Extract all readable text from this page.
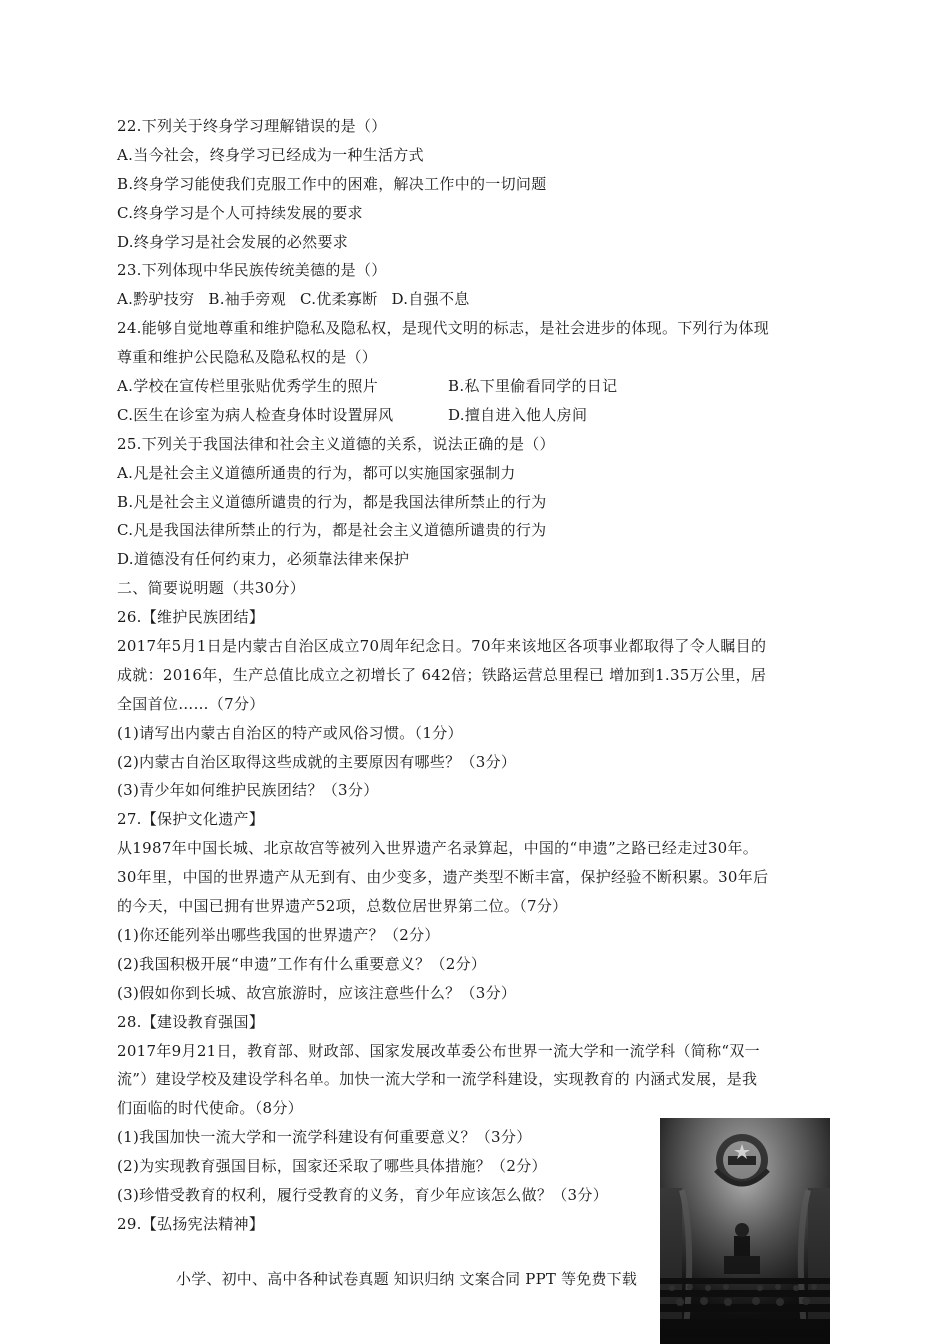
22.下列关于终身学习理解错误的是（）
A.当今社会，终身学习已经成为一种生活方式
B.终身学习能使我们克服工作中的困难，解决工作中的一切问题
C.终身学习是个人可持续发展的要求
D.终身学习是社会发展的必然要求
23.下列体现中华民族传统美德的是（）
A.黔驴技穷 B.袖手旁观 C.优柔寡断 D.自强不息
24.能够自觉地尊重和维护隐私及隐私权，是现代文明的标志，是社会进步的体现。下列行为体现
尊重和维护公民隐私及隐私权的是（）
A.学校在宣传栏里张贴优秀学生的照片	B.私下里偷看同学的日记
C.医生在诊室为病人检查身体时设置屏风	D.擅自进入他人房间
25.下列关于我国法律和社会主义道德的关系，说法正确的是（）
A.凡是社会主义道德所通贵的行为，都可以实施国家强制力
B.凡是社会主义道德所谴贵的行为，都是我国法律所禁止的行为
C.凡是我国法律所禁止的行为，都是社会主义道德所谴贵的行为
D.道德没有任何约束力，必须靠法律来保护
二、简要说明题（共30分）
26.【维护民族团结】
2017年5月1日是内蒙古自治区成立70周年纪念日。70年来该地区各项事业都取得了令人瞩目的
成就：2016年，生产总值比成立之初增长了 642倍；铁路运营总里程已 增加到1.35万公里，居
全国首位……（7分）
(1)请写出内蒙古自治区的特产或风俗习惯。（1分）
(2)内蒙古自治区取得这些成就的主要原因有哪些？（3分）
(3)青少年如何维护民族团结？（3分）
27.【保护文化遗产】
从1987年中国长城、北京故宫等被列入世界遗产名录算起，中国的“申遗”之路已经走过30年。
30年里，中国的世界遗产从无到有、由少变多，遗产类型不断丰富，保护经验不断积累。30年后
的今天，中国已拥有世界遗产52项，总数位居世界第二位。（7分）
(1)你还能列举出哪些我国的世界遗产？（2分）
(2)我国积极开展“申遗”工作有什么重要意义？（2分）
(3)假如你到长城、故宫旅游时，应该注意些什么？（3分）
28.【建设教育强国】
2017年9月21日，教育部、财政部、国家发展改革委公布世界一流大学和一流学科（简称“双一
流”）建设学校及建设学科名单。加快一流大学和一流学科建设，实现教育的 内涵式发展，是我
们面临的时代使命。（8分）
(1)我国加快一流大学和一流学科建设有何重要意义？（3分）
(2)为实现教育强国目标，国家还采取了哪些具体措施？（2分）
(3)珍惜受教育的权利，履行受教育的义务，育少年应该怎么做？（3分）
29.【弘扬宪法精神】
小学、初中、高中各种试卷真题 知识归纳 文案合同 PPT 等免费下载
